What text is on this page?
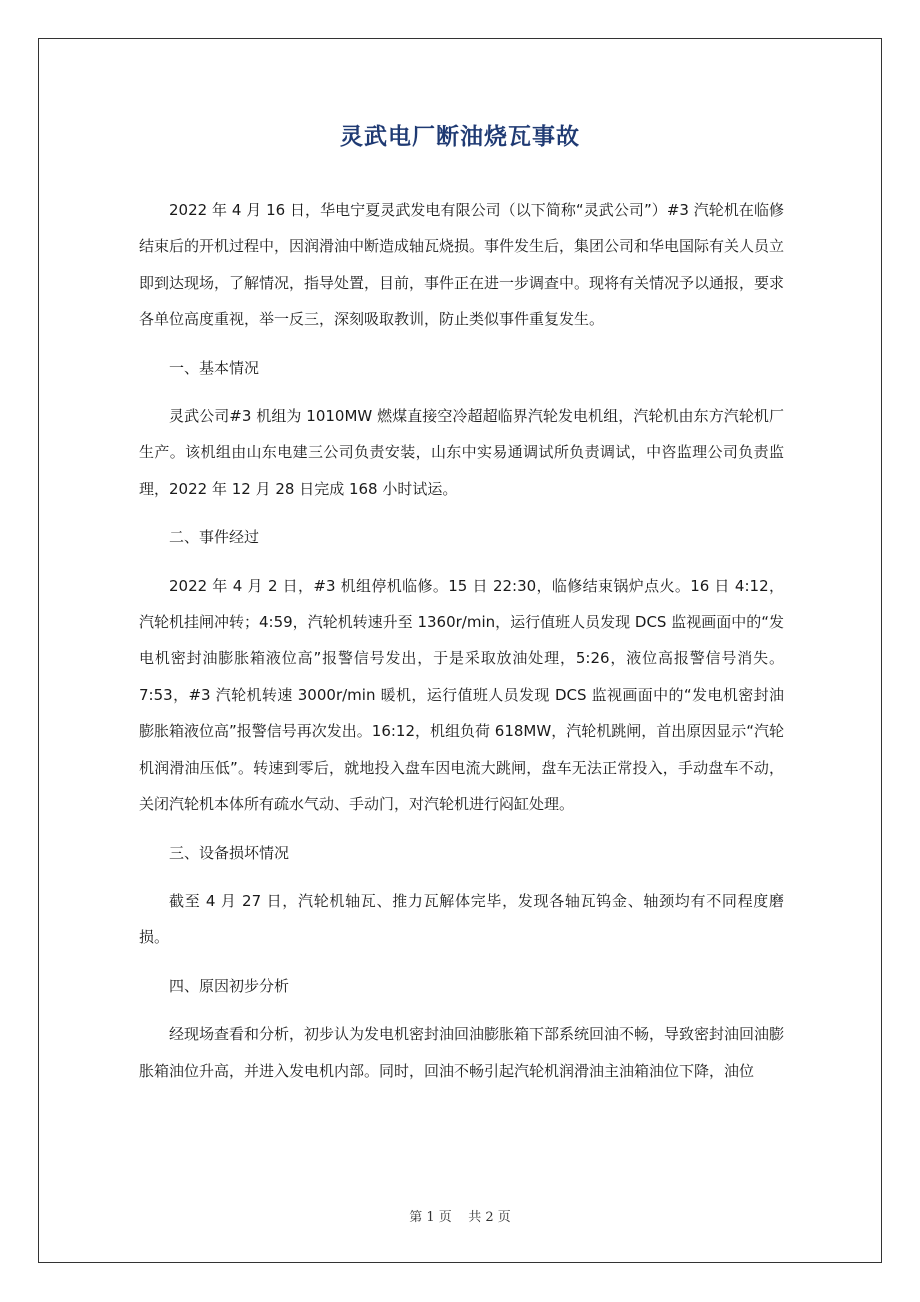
灵武电厂断油烧瓦事故

2022 年 4 月 16 日，华电宁夏灵武发电有限公司（以下简称“灵武公司”）#3 汽轮机在临修结束后的开机过程中，因润滑油中断造成轴瓦烧损。事件发生后，集团公司和华电国际有关人员立即到达现场，了解情况，指导处置，目前，事件正在进一步调查中。现将有关情况予以通报，要求各单位高度重视，举一反三，深刻吸取教训，防止类似事件重复发生。

一、基本情况

灵武公司#3 机组为 1010MW 燃煤直接空冷超超临界汽轮发电机组，汽轮机由东方汽轮机厂生产。该机组由山东电建三公司负责安装，山东中实易通调试所负责调试，中咨监理公司负责监理，2022 年 12 月 28 日完成 168 小时试运。

二、事件经过

2022 年 4 月 2 日，#3 机组停机临修。15 日 22:30，临修结束锅炉点火。16 日 4:12，汽轮机挂闸冲转；4:59，汽轮机转速升至 1360r/min，运行值班人员发现 DCS 监视画面中的“发电机密封油膨胀箱液位高”报警信号发出，于是采取放油处理，5:26，液位高报警信号消失。7:53，#3 汽轮机转速 3000r/min 暖机，运行值班人员发现 DCS 监视画面中的“发电机密封油膨胀箱液位高”报警信号再次发出。16:12，机组负荷 618MW，汽轮机跳闸，首出原因显示“汽轮机润滑油压低”。转速到零后，就地投入盘车因电流大跳闸，盘车无法正常投入，手动盘车不动，关闭汽轮机本体所有疏水气动、手动门，对汽轮机进行闷缸处理。

三、设备损坏情况

截至 4 月 27 日，汽轮机轴瓦、推力瓦解体完毕，发现各轴瓦钨金、轴颈均有不同程度磨损。

四、原因初步分析

经现场查看和分析，初步认为发电机密封油回油膨胀箱下部系统回油不畅，导致密封油回油膨胀箱油位升高，并进入发电机内部。同时，回油不畅引起汽轮机润滑油主油箱油位下降，油位

第 1 页 共 2 页
